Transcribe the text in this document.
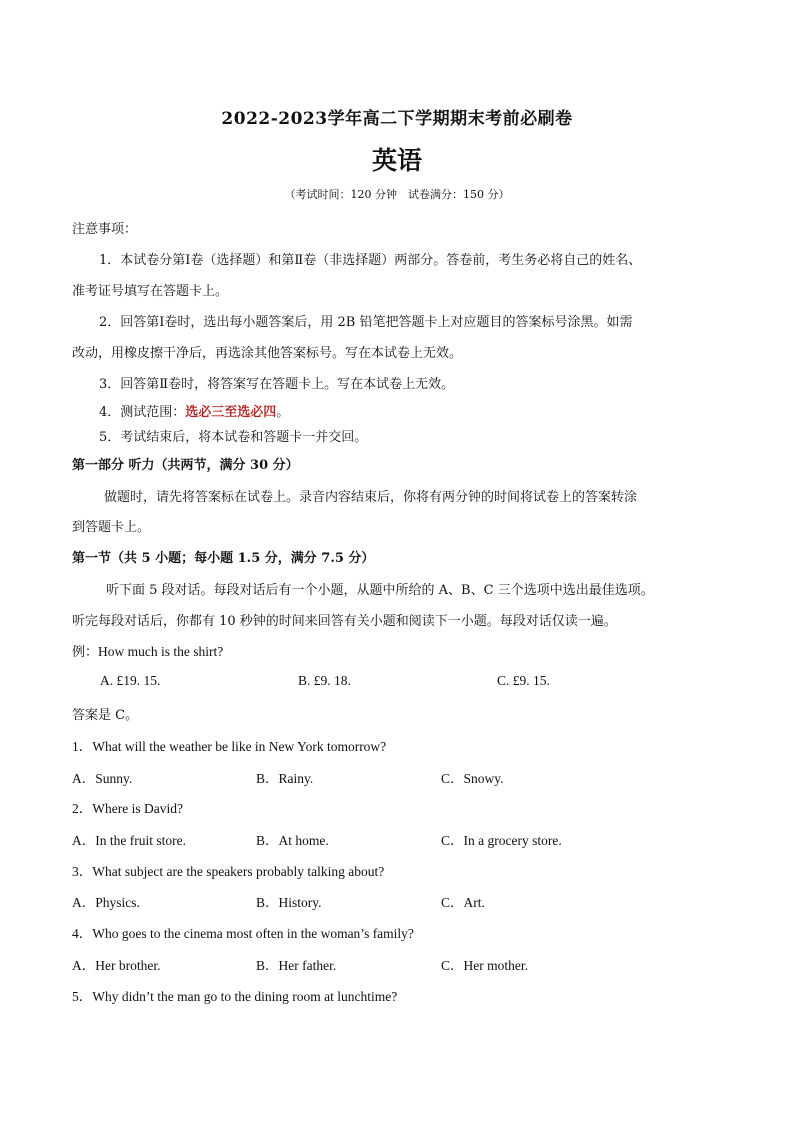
2022-2023学年高二下学期期末考前必刷卷
英语
（考试时间：120 分钟　试卷满分：150 分）
注意事项：
1．本试卷分第Ⅰ卷（选择题）和第Ⅱ卷（非选择题）两部分。答卷前，考生务必将自己的姓名、
准考证号填写在答题卡上。
2．回答第Ⅰ卷时，选出每小题答案后，用 2B 铅笔把答题卡上对应题目的答案标号涂黑。如需
改动，用橡皮擦干净后，再选涂其他答案标号。写在本试卷上无效。
3．回答第Ⅱ卷时，将答案写在答题卡上。写在本试卷上无效。
4．测试范围：选必三至选必四。
5．考试结束后，将本试卷和答题卡一并交回。
第一部分 听力（共两节，满分 30 分）
做题时，请先将答案标在试卷上。录音内容结束后，你将有两分钟的时间将试卷上的答案转涂
到答题卡上。
第一节（共 5 小题；每小题 1.5 分，满分 7.5 分）
听下面 5 段对话。每段对话后有一个小题，从题中所给的 A、B、C 三个选项中选出最佳选项。
听完每段对话后，你都有 10 秒钟的时间来回答有关小题和阅读下一小题。每段对话仅读一遍。
例：How much is the shirt?
A. £19. 15.	B. £9. 18.	C. £9. 15.
答案是 C。
1．What will the weather be like in New York tomorrow?
A．Sunny.	B．Rainy.	C．Snowy.
2．Where is David?
A．In the fruit store.	B．At home.	C．In a grocery store.
3．What subject are the speakers probably talking about?
A．Physics.	B．History.	C．Art.
4．Who goes to the cinema most often in the woman’s family?
A．Her brother.	B．Her father.	C．Her mother.
5．Why didn’t the man go to the dining room at lunchtime?
